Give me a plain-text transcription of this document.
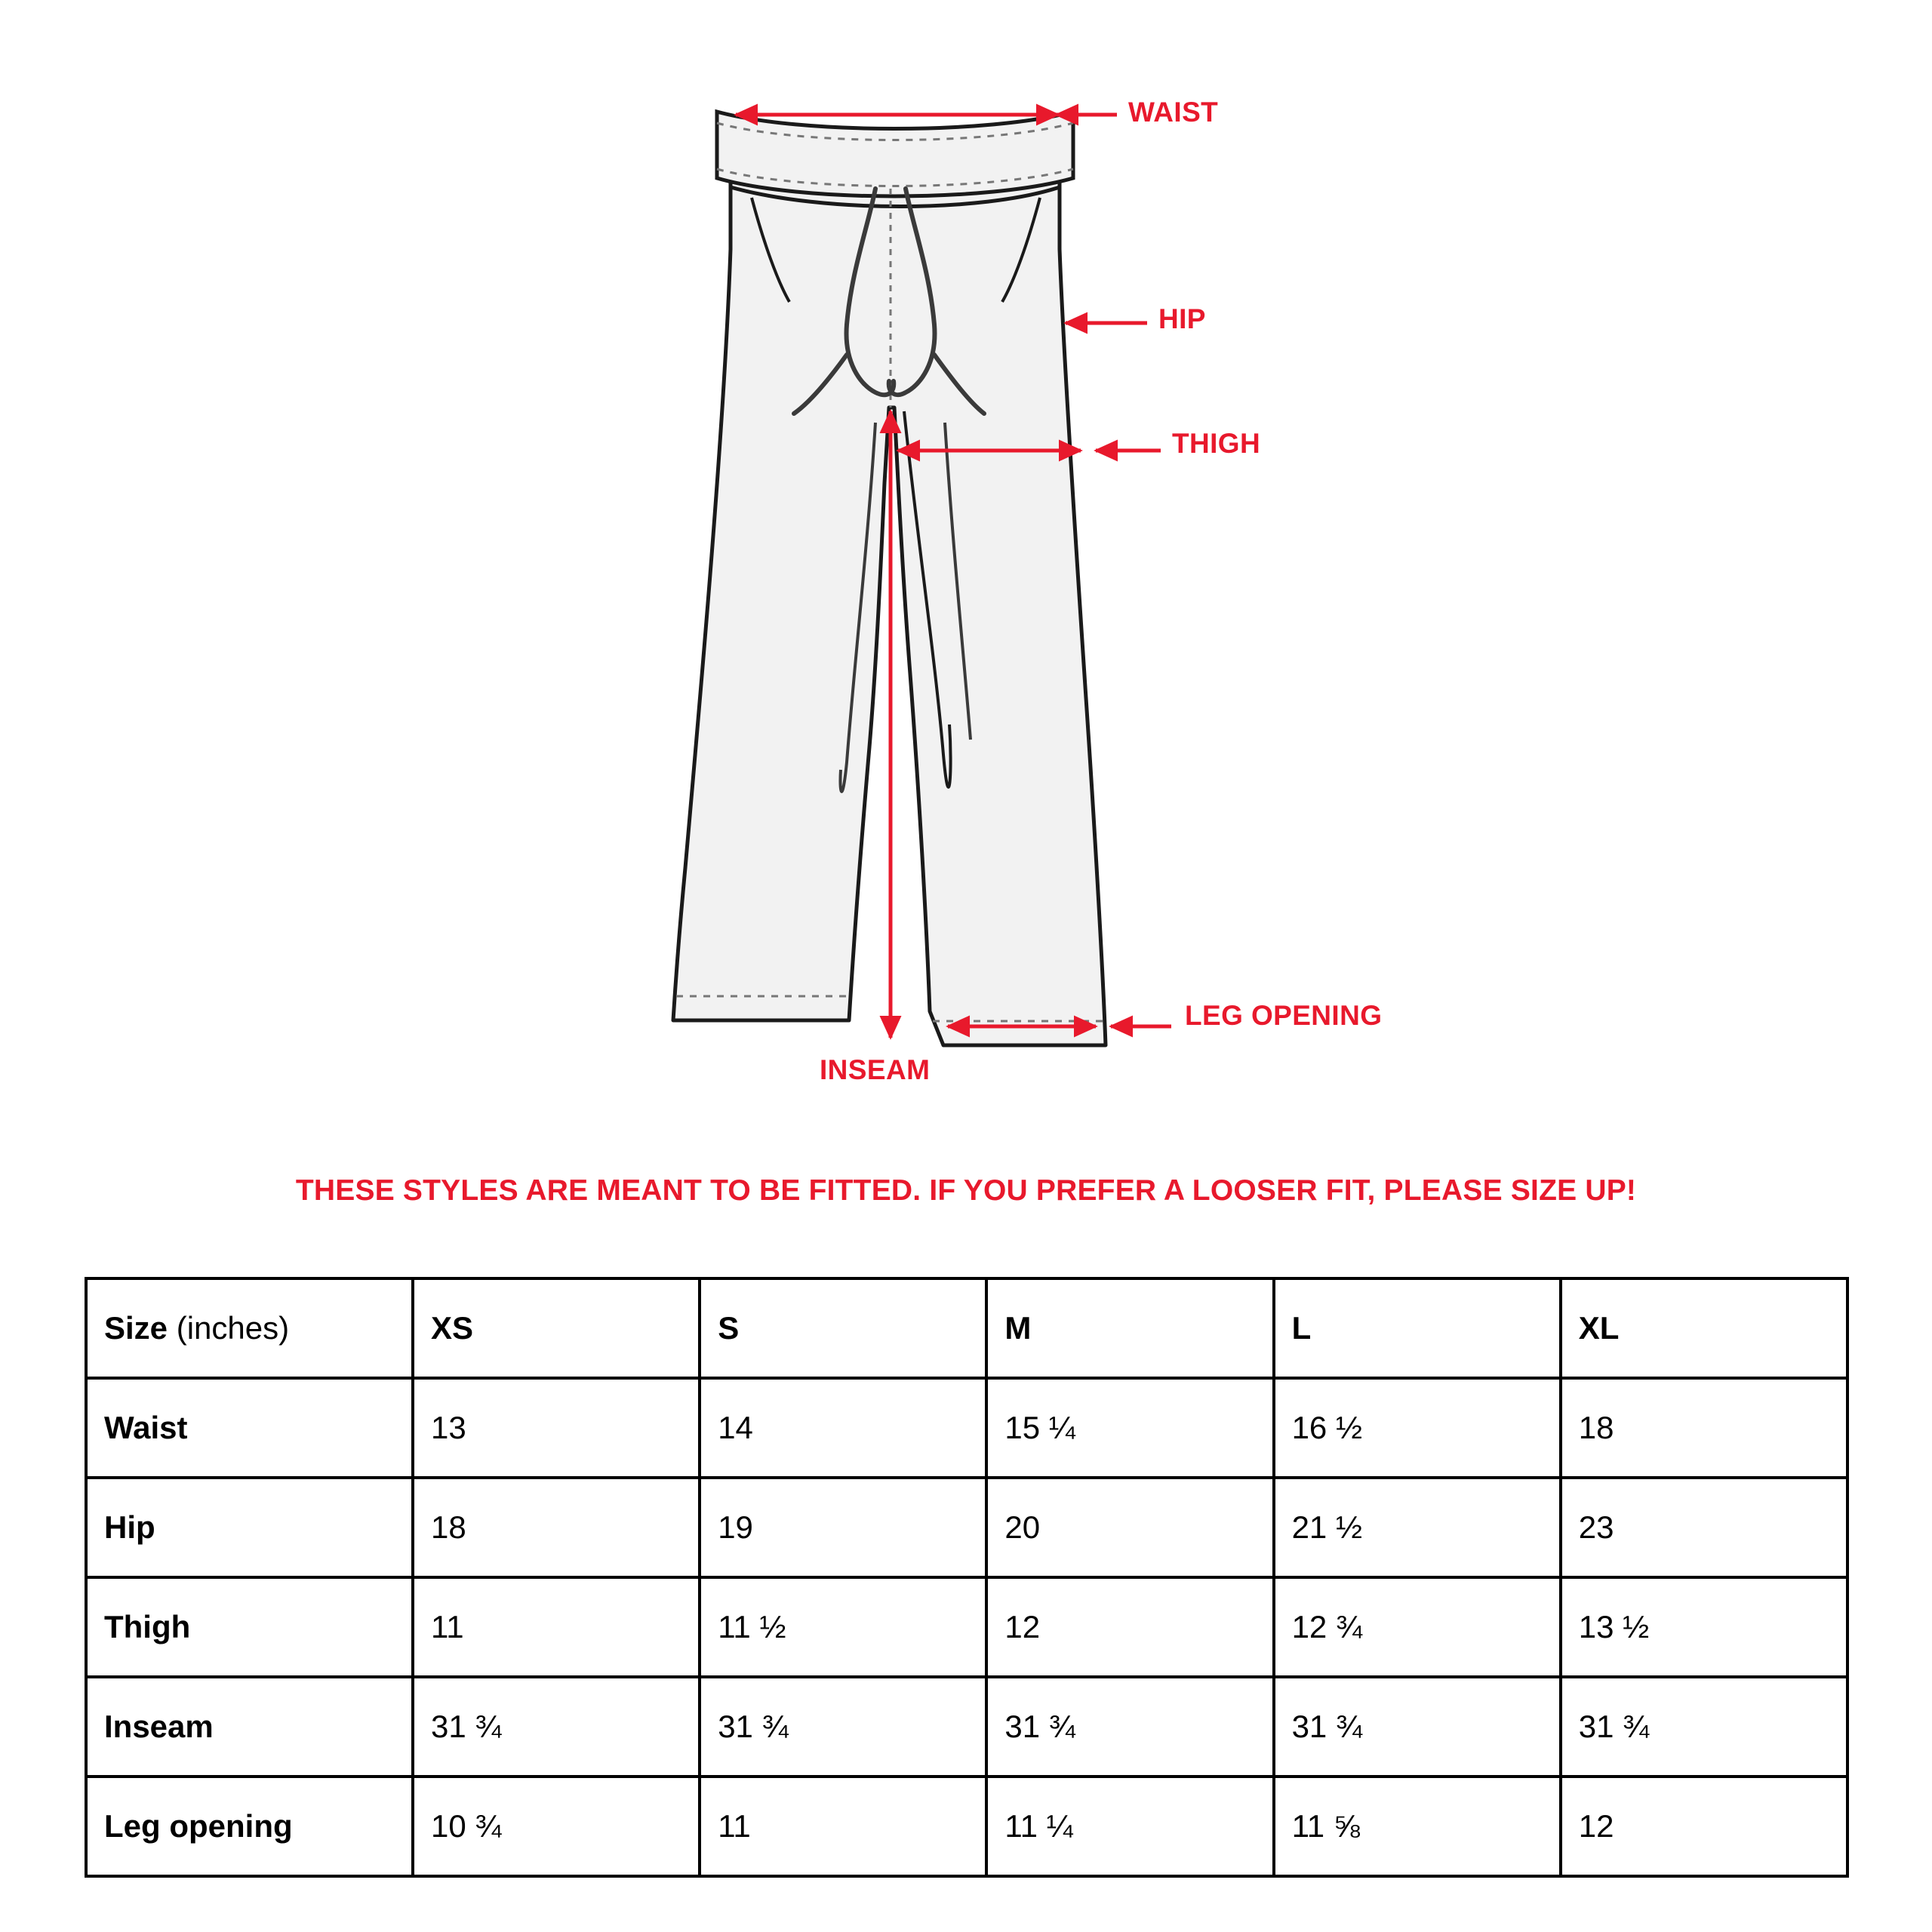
WAIST
HIP
THIGH
LEG OPENING
INSEAM
THESE STYLES ARE MEANT TO BE FITTED. IF YOU PREFER A LOOSER FIT, PLEASE SIZE UP!
Size (inches)	XS	S	M	L	XL
Waist	13	14	15 ¼	16 ½	18
Hip	18	19	20	21 ½	23
Thigh	11	11 ½	12	12 ¾	13 ½
Inseam	31 ¾	31 ¾	31 ¾	31 ¾	31 ¾
Leg opening	10 ¾	11	11 ¼	11 ⅝	12
